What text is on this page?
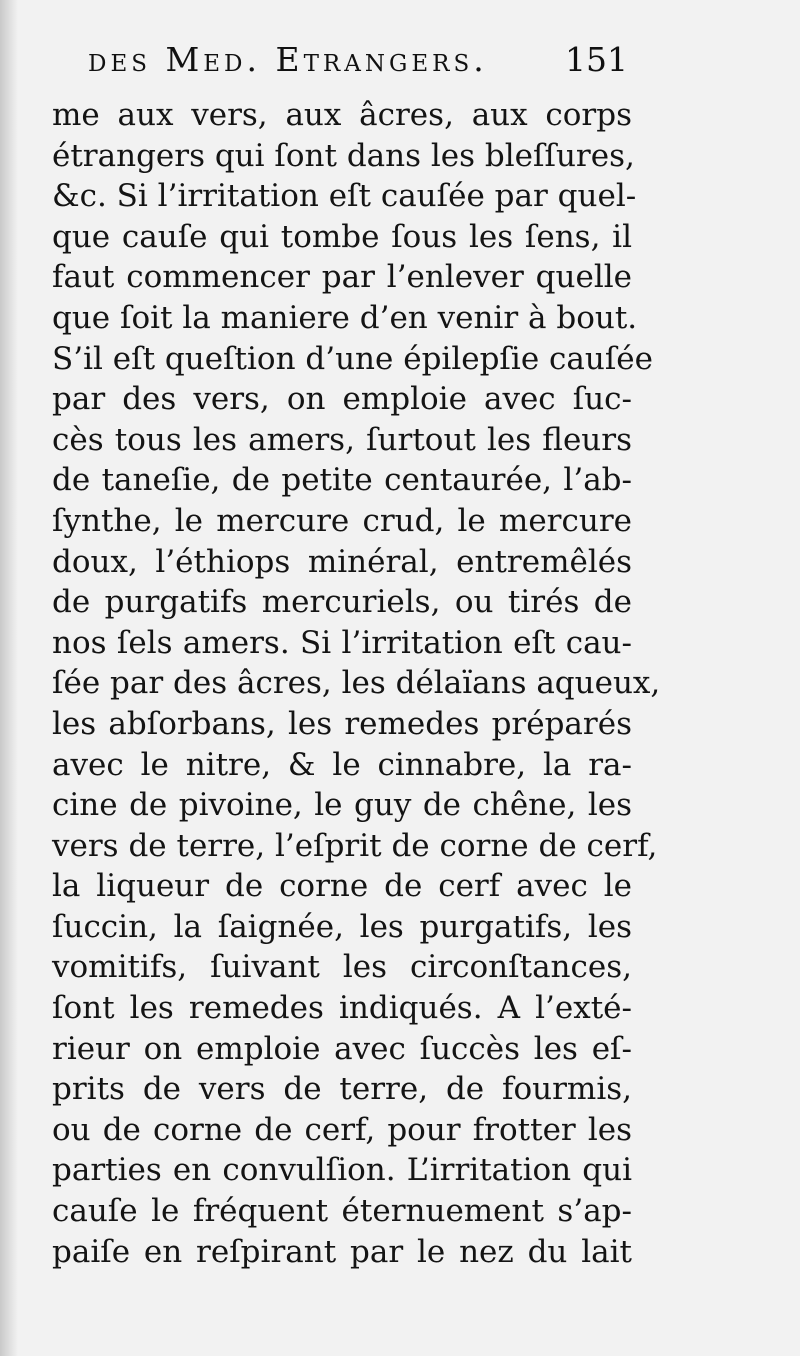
des Med. Etrangers. 151
me aux vers, aux âcres, aux corps
étrangers qui ſont dans les bleſſures,
&c. Si l’irritation eſt cauſée par quel-
que cauſe qui tombe ſous les ſens, il
faut commencer par l’enlever quelle
que ſoit la maniere d’en venir à bout.
S’il eſt queſtion d’une épilepſie cauſée
par des vers, on emploie avec ſuc-
cès tous les amers, ſurtout les fleurs
de taneſie, de petite centaurée, l’ab-
ſynthe, le mercure crud, le mercure
doux, l’éthiops minéral, entremêlés
de purgatifs mercuriels, ou tirés de
nos ſels amers. Si l’irritation eſt cau-
ſée par des âcres, les délaïans aqueux,
les abſorbans, les remedes préparés
avec le nitre, & le cinnabre, la ra-
cine de pivoine, le guy de chêne, les
vers de terre, l’eſprit de corne de cerf,
la liqueur de corne de cerf avec le
ſuccin, la ſaignée, les purgatifs, les
vomitifs, ſuivant les circonſtances,
ſont les remedes indiqués. A l’exté-
rieur on emploie avec ſuccès les eſ-
prits de vers de terre, de fourmis,
ou de corne de cerf, pour frotter les
parties en convulſion. L’irritation qui
cauſe le fréquent éternuement s’ap-
paiſe en reſpirant par le nez du lait
